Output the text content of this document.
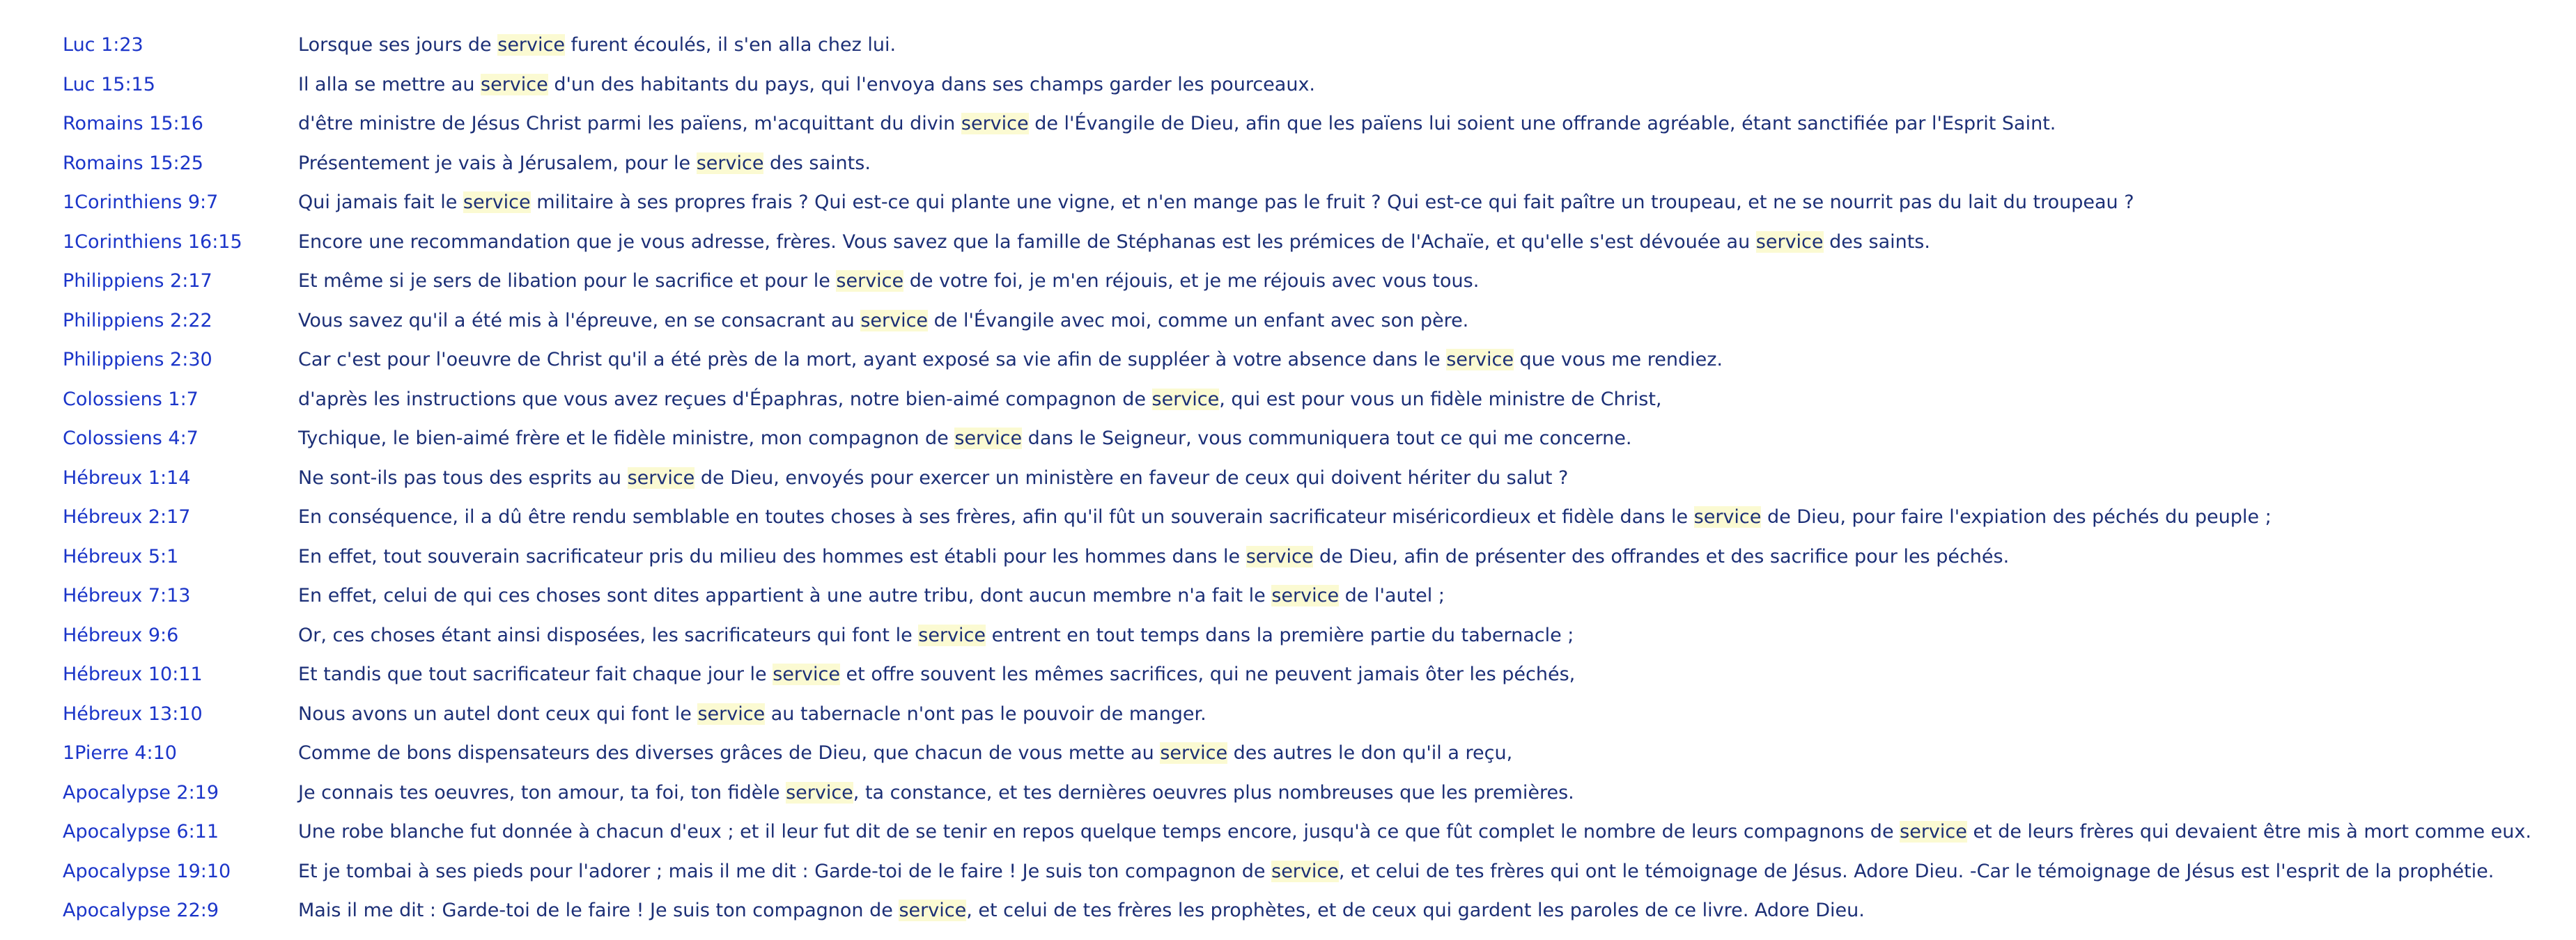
Luc 1:23	Lorsque ses jours de service furent écoulés, il s'en alla chez lui.
Luc 15:15	Il alla se mettre au service d'un des habitants du pays, qui l'envoya dans ses champs garder les pourceaux.
Romains 15:16	d'être ministre de Jésus Christ parmi les païens, m'acquittant du divin service de l'Évangile de Dieu, afin que les païens lui soient une offrande agréable, étant sanctifiée par l'Esprit Saint.
Romains 15:25	Présentement je vais à Jérusalem, pour le service des saints.
1Corinthiens 9:7	Qui jamais fait le service militaire à ses propres frais ? Qui est-ce qui plante une vigne, et n'en mange pas le fruit ? Qui est-ce qui fait paître un troupeau, et ne se nourrit pas du lait du troupeau ?
1Corinthiens 16:15	Encore une recommandation que je vous adresse, frères. Vous savez que la famille de Stéphanas est les prémices de l'Achaïe, et qu'elle s'est dévouée au service des saints.
Philippiens 2:17	Et même si je sers de libation pour le sacrifice et pour le service de votre foi, je m'en réjouis, et je me réjouis avec vous tous.
Philippiens 2:22	Vous savez qu'il a été mis à l'épreuve, en se consacrant au service de l'Évangile avec moi, comme un enfant avec son père.
Philippiens 2:30	Car c'est pour l'oeuvre de Christ qu'il a été près de la mort, ayant exposé sa vie afin de suppléer à votre absence dans le service que vous me rendiez.
Colossiens 1:7	d'après les instructions que vous avez reçues d'Épaphras, notre bien-aimé compagnon de service, qui est pour vous un fidèle ministre de Christ,
Colossiens 4:7	Tychique, le bien-aimé frère et le fidèle ministre, mon compagnon de service dans le Seigneur, vous communiquera tout ce qui me concerne.
Hébreux 1:14	Ne sont-ils pas tous des esprits au service de Dieu, envoyés pour exercer un ministère en faveur de ceux qui doivent hériter du salut ?
Hébreux 2:17	En conséquence, il a dû être rendu semblable en toutes choses à ses frères, afin qu'il fût un souverain sacrificateur miséricordieux et fidèle dans le service de Dieu, pour faire l'expiation des péchés du peuple ;
Hébreux 5:1	En effet, tout souverain sacrificateur pris du milieu des hommes est établi pour les hommes dans le service de Dieu, afin de présenter des offrandes et des sacrifice pour les péchés.
Hébreux 7:13	En effet, celui de qui ces choses sont dites appartient à une autre tribu, dont aucun membre n'a fait le service de l'autel ;
Hébreux 9:6	Or, ces choses étant ainsi disposées, les sacrificateurs qui font le service entrent en tout temps dans la première partie du tabernacle ;
Hébreux 10:11	Et tandis que tout sacrificateur fait chaque jour le service et offre souvent les mêmes sacrifices, qui ne peuvent jamais ôter les péchés,
Hébreux 13:10	Nous avons un autel dont ceux qui font le service au tabernacle n'ont pas le pouvoir de manger.
1Pierre 4:10	Comme de bons dispensateurs des diverses grâces de Dieu, que chacun de vous mette au service des autres le don qu'il a reçu,
Apocalypse 2:19	Je connais tes oeuvres, ton amour, ta foi, ton fidèle service, ta constance, et tes dernières oeuvres plus nombreuses que les premières.
Apocalypse 6:11	Une robe blanche fut donnée à chacun d'eux ; et il leur fut dit de se tenir en repos quelque temps encore, jusqu'à ce que fût complet le nombre de leurs compagnons de service et de leurs frères qui devaient être mis à mort comme eux.
Apocalypse 19:10	Et je tombai à ses pieds pour l'adorer ; mais il me dit : Garde-toi de le faire ! Je suis ton compagnon de service, et celui de tes frères qui ont le témoignage de Jésus. Adore Dieu. -Car le témoignage de Jésus est l'esprit de la prophétie.
Apocalypse 22:9	Mais il me dit : Garde-toi de le faire ! Je suis ton compagnon de service, et celui de tes frères les prophètes, et de ceux qui gardent les paroles de ce livre. Adore Dieu.
